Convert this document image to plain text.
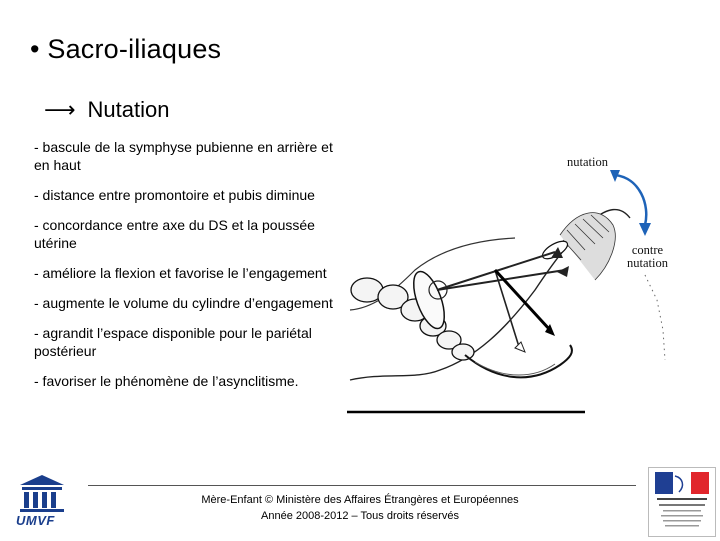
• Sacro-iliaques
⟶ Nutation
- bascule de la symphyse pubienne en arrière et en haut
- distance entre promontoire et pubis diminue
- concordance entre axe du DS et la poussée utérine
- améliore la flexion et favorise le l’engagement
- augmente le volume du cylindre d’engagement
- agrandit l’espace disponible pour le pariétal postérieur
- favoriser le phénomène de l’asynclitisme.
nutation
contre
nutation
UMVF
Mère-Enfant © Ministère des Affaires Étrangères et Européennes
Année 2008-2012 – Tous droits réservés
